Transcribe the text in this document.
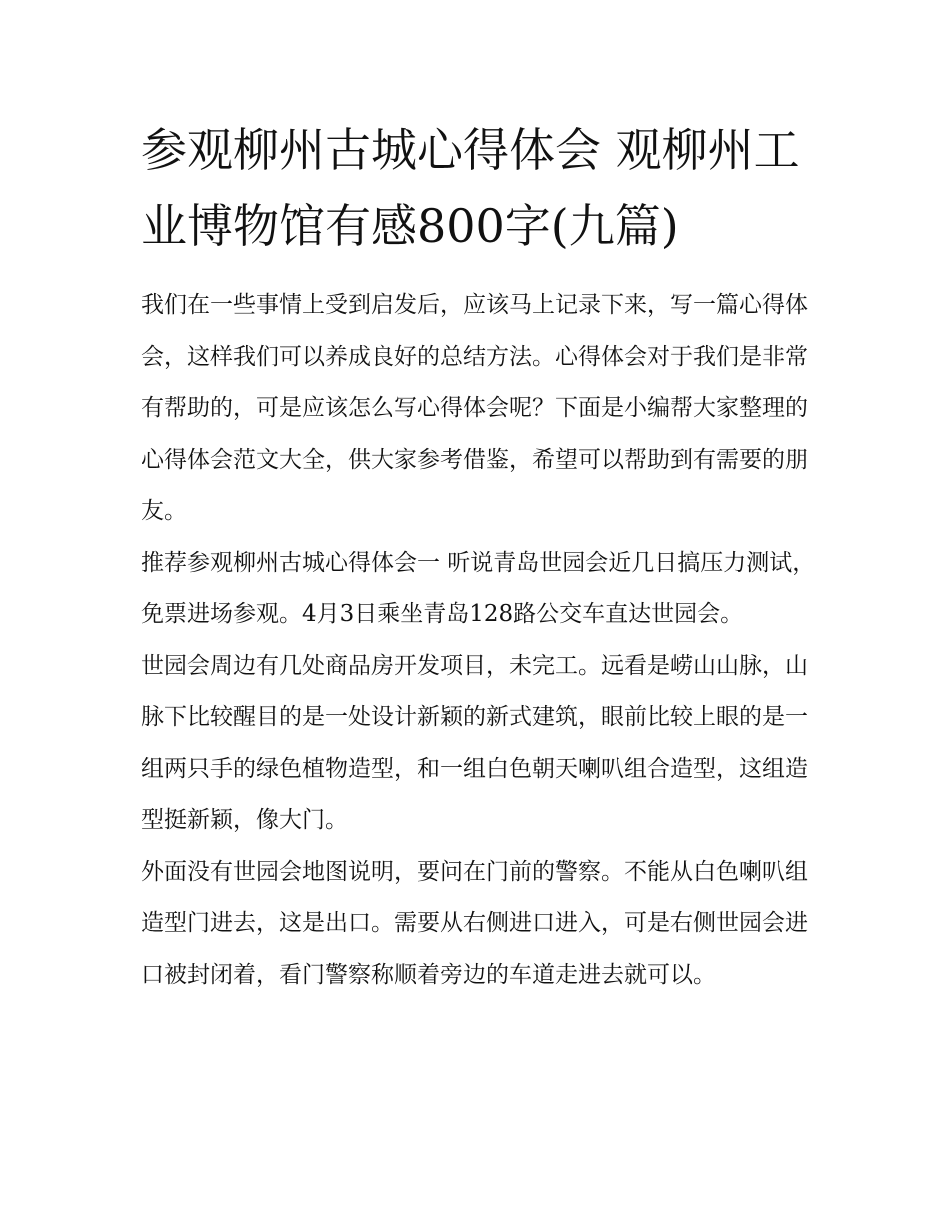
参观柳州古城心得体会 观柳州工业博物馆有感800字(九篇)

我们在一些事情上受到启发后，应该马上记录下来，写一篇心得体会，这样我们可以养成良好的总结方法。心得体会对于我们是非常有帮助的，可是应该怎么写心得体会呢？下面是小编帮大家整理的心得体会范文大全，供大家参考借鉴，希望可以帮助到有需要的朋友。

推荐参观柳州古城心得体会一 听说青岛世园会近几日搞压力测试，免票进场参观。4月3日乘坐青岛128路公交车直达世园会。

世园会周边有几处商品房开发项目，未完工。远看是崂山山脉，山脉下比较醒目的是一处设计新颖的新式建筑，眼前比较上眼的是一组两只手的绿色植物造型，和一组白色朝天喇叭组合造型，这组造型挺新颖，像大门。

外面没有世园会地图说明，要问在门前的警察。不能从白色喇叭组造型门进去，这是出口。需要从右侧进口进入，可是右侧世园会进口被封闭着，看门警察称顺着旁边的车道走进去就可以。
